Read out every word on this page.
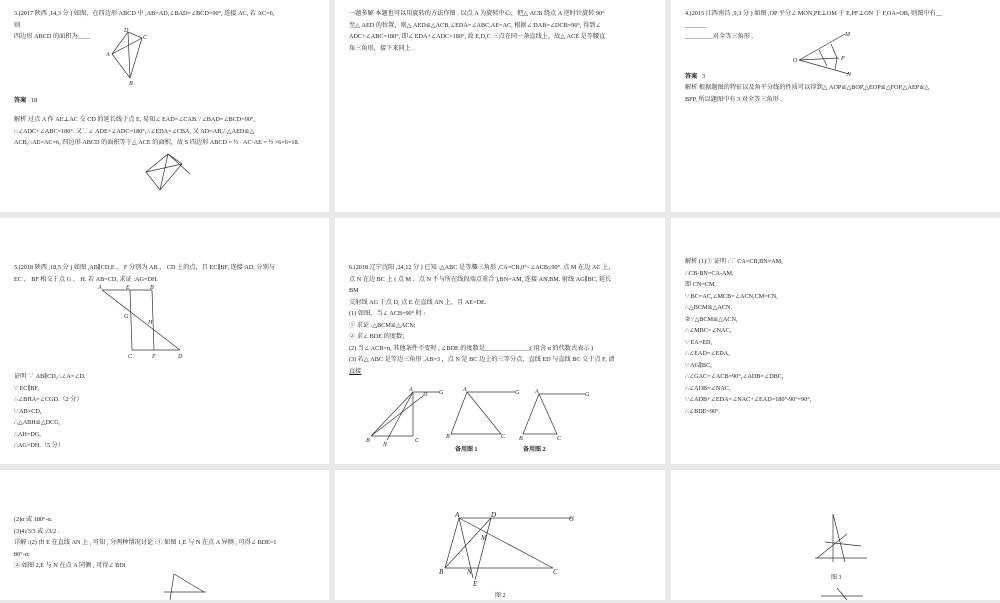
3.(2017 陕西 ,14,3 分 ) 如图，在四边形 ABCD 中 ,AB=AD,∠BAD=∠BCD=90°, 连接 AC, 若 AC=6,
则
四边形 ABCD 的面积为____
D
C
A
B
答案 18
解析 过点 A 作 AE⊥AC 交 CD 的延长线于点 E, 易知∠ EAD=∠CAB.∵∠BAD=∠BCD=90°,
∴∠ADC+∠ABC=180°. 又∵∠ ADE+∠ADC=180°,∴∠EDA=∠CBA, 又 AD=AB,∴△AED≌△
ACB,∴AE=AC=6, 四边形 ABCD 的面积等于△ ACE 的面积，故 S 四边形 ABCD = ½ · AC·AE = ½ ×6×6=18.
一题多解 本题也可以用旋转的方法作图 . 以点 A 为旋转中心，把△ ACB 绕点 A 逆时针旋转 90°
至△ AED 的位置，则△ AED≌△ACB,∠EDA=∠ABC,AE=AC, 根据∠ DAB=∠DCB=90°, 得到∠
ADC+∠ABC=180°, 即∠ EDA+∠ADC=180°, 故 E,D,C 三点在同一条直线上，故△ ACE 是等腰直
角三角形，接下来同上 .
4.(2015 江西南昌 ,9,3 分 ) 如图 ,OP 平分∠ MON,PE⊥OM 于 E,PF⊥ON 于 F,OA=OB, 则图中有__
_______
_________对全等三角形 .
O
M
P
N
答案 3
解析 根据题图的特征以及角平分线的性质可以得到△ AOP≌△BOP,△EOP≌△FOP,△AEP≌△
BFP, 所以题图中有 3 对全等三角形 .
5.(2018 陕西 ,18,5 分 ) 如图 ,AB∥CD,E 、 F 分别为 AB 、 CD 上的点，且 EC∥BF, 连接 AD, 分别与
EC 、 BF 相交于点 G 、 H. 若 AB=CD, 求证 :AG=DH.
A	E	B
G
H
C	F	D
证明 ∵ AB∥CD,∴∠A=∠D.
∵ EC∥BF,
∴∠BHA=∠CGD.（2 分）
∵ AB=CD,
∴△ABH≌△DCG,
∴AH=DG,
∴AG=DH.（5 分）
6.(2018 辽宁沈阳 ,24,12 分 ) 已知 :△ABC 是等腰三角形 ,CA=CB,0°<∠ACB≤90°. 点 M 在边 AC 上，
点 N 在边 BC 上 ( 点 M 、点 N 不与所在线段端点重合 ),BN=AM, 连接 AN,BM. 射线 AG∥BC, 延长
BM
交射线 AG 于点 D, 点 E 在直线 AN 上，且 AE=DE.
(1) 如图，当∠ ACB=90° 时 :
① 求证 :△BCM≌△ACN;
② 求∠ BDE 的度数；
(2) 当∠ ACB=α, 其他条件不变时 , ∠BDE 的度数是______________;( 用含 α 的代数式表示 )
(3) 若△ ABC 是等边三角形 ,AB=3 ，点 N 是 BC 边上的三等分点，直线 ED 与直线 BC 交于点 F, 请
直接
A	G
D
B
N
C
A	G
B	C
A	G
B	C
备用图 1	备用图 2
解析 (1)① 证明 :∵ CA=CB,BN=AM,
∴CB-BN=CA-AM,
即 CN=CM,
∵ BC=AC,∠MCB=∠ACN,CM=CN,
∴△BCM≌△ACN.
②∵△BCM≌△ACN,
∴∠MBC=∠NAC,
∵ EA=ED,
∴∠EAD=∠EDA,
∵ AG∥BC,
∴∠GAC=∠ACB=90°,∠ADB=∠DBC,
∴∠ADB=∠NAC,
∵∠ADB+∠EDA=∠NAC+∠EAD=180°-90°=90°,
∴∠BDE=90°.
(2)α 或 180°-α.
(3)4√3/3 或 √3/2 .
详解 :(2) 由 E 在直线 AN 上 , 可知 , 分两种情况讨论 :① 如图 1,E 与 N 在点 A 异侧 , 可得∠ BDE=1
80°-α;
② 如图 2,E 与 N 在点 A 同侧 , 可得∠ BDi
A	D	G
M
B	N
E
C
图 2
图 3
